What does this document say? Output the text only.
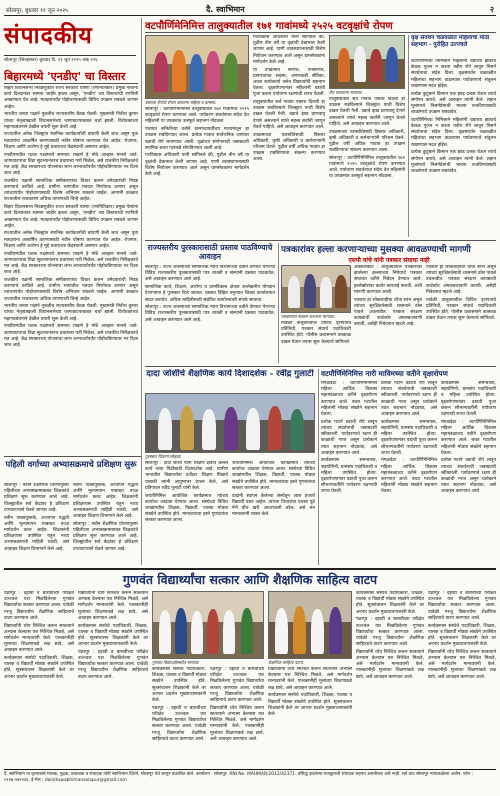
सोलापूर, बुधवार ११ जून २०२५	दै. स्वाभिमान	२
संपादकीय
सोलापूर (जिल्हास्तर) बुधवार दि. ११ जून २०२५ अंक १२६
बिहारमध्ये 'एनडीए' चा विस्तार

बिहार विधानसभा निवडणुकीत राज्य सरकारी यंत्रणा (रणनितिकार) प्रमुख नेत्यांना कार्य दिल्यानंतर सामना जाहीर झाला असून, 'एनडीए' च्या विस्ताराची रणनिती आखण्यात येत आहे. मतदारांपर्यंत पोहोचण्यासाठी विविध उपक्रम राबवले जाणार आहेत.

भारतीय जनता पक्षाने नुकतीच राज्यस्तरीय बैठक घेतली. मुख्यमंत्री नितीश कुमार यांच्या नेतृत्वाखाली विधानसभेच्या जागावाटपाबाबत चर्चा झाली. विरोधकांच्या महागठबंधनाने देखील तयारी सुरू केली आहे.

राज्यातील अनेक जिल्ह्यांत स्थानिक कार्यकर्त्यांची बांधणी केली जात असून युवा मतदारांना आकर्षित करण्यासाठी नवीन घोषणा करण्यात येत आहेत. रोजगार, शिक्षण आणि आरोग्य हे मुद्दे प्रचाराच्या केंद्रस्थानी असणार आहेत.

एनडीएमधील घटक पक्षांमध्ये समन्वय राखणे हे मोठे आव्हान मानले जाते. जागावाटपाचा तिढा सुटल्यानंतरच प्रचाराला गती मिळेल, असे राजकीय निरीक्षकांचे मत आहे. केंद्र सरकारच्या योजनांचा लाभ लाभार्थ्यांपर्यंत पोहोचविण्यावर भर दिला जात आहे.

राजकीय पक्षांनी सामाजिक समीकरणांचा विचार करून उमेदवारांची निवड करण्याचे ठरविले आहे. ग्रामीण भागातील मतदार निर्णायक ठरणार असून त्यांच्यापर्यंत पोहोचण्यासाठी विशेष अभियान राबवले जाईल. आगामी काळात राज्यातील राजकारण अधिक तापण्याची चिन्हे आहेत.

बिहार विधानसभा निवडणुकीत राज्य सरकारी यंत्रणा (रणनितिकार) प्रमुख नेत्यांना कार्य दिल्यानंतर सामना जाहीर झाला असून, 'एनडीए' च्या विस्ताराची रणनिती आखण्यात येत आहे. मतदारांपर्यंत पोहोचण्यासाठी विविध उपक्रम राबवले जाणार आहेत.

राज्यातील अनेक जिल्ह्यांत स्थानिक कार्यकर्त्यांची बांधणी केली जात असून युवा मतदारांना आकर्षित करण्यासाठी नवीन घोषणा करण्यात येत आहेत. रोजगार, शिक्षण आणि आरोग्य हे मुद्दे प्रचाराच्या केंद्रस्थानी असणार आहेत.

एनडीएमधील घटक पक्षांमध्ये समन्वय राखणे हे मोठे आव्हान मानले जाते. जागावाटपाचा तिढा सुटल्यानंतरच प्रचाराला गती मिळेल, असे राजकीय निरीक्षकांचे मत आहे. केंद्र सरकारच्या योजनांचा लाभ लाभार्थ्यांपर्यंत पोहोचविण्यावर भर दिला जात आहे.

राजकीय पक्षांनी सामाजिक समीकरणांचा विचार करून उमेदवारांची निवड करण्याचे ठरविले आहे. ग्रामीण भागातील मतदार निर्णायक ठरणार असून त्यांच्यापर्यंत पोहोचण्यासाठी विशेष अभियान राबवले जाईल. आगामी काळात राज्यातील राजकारण अधिक तापण्याची चिन्हे आहेत.

भारतीय जनता पक्षाने नुकतीच राज्यस्तरीय बैठक घेतली. मुख्यमंत्री नितीश कुमार यांच्या नेतृत्वाखाली विधानसभेच्या जागावाटपाबाबत चर्चा झाली. विरोधकांच्या महागठबंधनाने देखील तयारी सुरू केली आहे.

एनडीएमधील घटक पक्षांमध्ये समन्वय राखणे हे मोठे आव्हान मानले जाते. जागावाटपाचा तिढा सुटल्यानंतरच प्रचाराला गती मिळेल, असे राजकीय निरीक्षकांचे मत आहे. केंद्र सरकारच्या योजनांचा लाभ लाभार्थ्यांपर्यंत पोहोचविण्यावर भर दिला जात आहे.

वटपौर्णिमेनिमित्त तालुक्यातील १७१ गावांमध्ये २५२५ वटवृक्षांचे रोपण
वडाच्या रोपांचे रोपण करताना महिला व ग्रामस्थ.

सोलापूर : वटपौर्णिमेनिमित्त तालुक्यातील १७१ गावांमध्ये २५२५ वटवृक्षांचे रोपण करण्यात आले. पर्यावरण संवर्धनाचा संदेश देत महिलांनी या उपक्रमात उत्स्फूर्त सहभाग नोंदवला.

पंचायत समितीच्या वतीने ग्रामपंचायतींच्या माध्यमातून हा उपक्रम राबविण्यात आला. प्रत्येक गावात सार्वजनिक जागांवर वडाची रोपे लावण्यात आली. वृक्षांच्या संगोपनाची जबाबदारी स्थानिक बचत गटांकडे सोपविण्यात आली आहे.

गटविकास अधिकारी यांनी सांगितले की, पुढील तीन वर्षे या वृक्षांची देखभाल केली जाणार आहे. पाणी व्यवस्थापनासाठी विशेष नियोजन करण्यात आले असून ग्रामसेवकांना मार्गदर्शन केले आहे.

गटविकास अधिकारी यांनी सांगितले की, पुढील तीन वर्षे या वृक्षांची देखभाल केली जाणार आहे. पाणी व्यवस्थापनासाठी विशेष नियोजन करण्यात आले असून ग्रामसेवकांना मार्गदर्शन केले आहे.

या उपक्रमात सरपंच, उपसरपंच, ग्रामपंचायत सदस्य, अंगणवाडी सेविका, आशा कार्यकर्त्या तसेच विद्यार्थ्यांनी सहभाग घेतला. वृक्षारोपणानंतर महिलांनी वडाची पूजा करून पर्यावरण रक्षणाची शपथ घेतली.

तालुक्यातील सर्व गावांत एकाच दिवशी हा उपक्रम राबविल्याने जिल्ह्यात याची विशेष दखल घेतली गेली. वडाचे झाड प्राणवायू देणारे असल्याने त्याचे महत्त्व सर्वांनी जाणून घेतले पाहिजे, असे आवाहन करण्यात आले.

उपक्रमाच्या यशस्वीतेसाठी विस्तार अधिकारी, कृषी अधिकारी व कर्मचाऱ्यांनी परिश्रम घेतले. पुढील वर्षी अधिक गावांत हा उपक्रम राबविण्याचा संकल्प करण्यात आला.

रोप लावताना मान्यवर.

तालुक्यातील सर्व गावांत एकाच दिवशी हा उपक्रम राबविल्याने जिल्ह्यात याची विशेष दखल घेतली गेली. वडाचे झाड प्राणवायू देणारे असल्याने त्याचे महत्त्व सर्वांनी जाणून घेतले पाहिजे, असे आवाहन करण्यात आले.

उपक्रमाच्या यशस्वीतेसाठी विस्तार अधिकारी, कृषी अधिकारी व कर्मचाऱ्यांनी परिश्रम घेतले. पुढील वर्षी अधिक गावांत हा उपक्रम राबविण्याचा संकल्प करण्यात आला.

सोलापूर : वटपौर्णिमेनिमित्त तालुक्यातील १७१ गावांमध्ये २५२५ वटवृक्षांचे रोपण करण्यात आले. पर्यावरण संवर्धनाचा संदेश देत महिलांनी या उपक्रमात उत्स्फूर्त सहभाग नोंदवला.

वृक्ष संवर्धन चळवळीत महिलांचा मोठा सहभाग - पुरोहित उज्ज्वले

वटपौर्णिमेच्या निमित्ताने महिलांनी वडाच्या झाडाचे केवळ पूजन न करता नवीन रोपे लावून निसर्ग संवर्धनाचा संदेश दिला. वृक्षसंवर्धन चळवळीत महिलांचा सहभाग वाढल्यास पर्यावरणाचे संतुलन राखण्यास मदत होईल.

प्रत्येक कुटुंबाने किमान एक झाड दत्तक घेऊन त्याचे संगोपन करावे, असे आवाहन त्यांनी केले. लहान मुलांमध्ये निसर्गप्रेमाची भावना रुजविण्यासाठी शाळांमध्ये उपक्रम राबवावेत.

वटपौर्णिमेच्या निमित्ताने महिलांनी वडाच्या झाडाचे केवळ पूजन न करता नवीन रोपे लावून निसर्ग संवर्धनाचा संदेश दिला. वृक्षसंवर्धन चळवळीत महिलांचा सहभाग वाढल्यास पर्यावरणाचे संतुलन राखण्यास मदत होईल.

प्रत्येक कुटुंबाने किमान एक झाड दत्तक घेऊन त्याचे संगोपन करावे, असे आवाहन त्यांनी केले. लहान मुलांमध्ये निसर्गप्रेमाची भावना रुजविण्यासाठी शाळांमध्ये उपक्रम राबवावेत.

राज्यस्तरीय पुरस्कारासाठी प्रस्ताव पाठविण्याचे आवाहन

सोलापूर : राज्य शासनाच्या सामाजिक न्याय विभागाच्या वतीने देण्यात येणाऱ्या विविध राज्यस्तरीय पुरस्कारांसाठी पात्र व्यक्ती व संस्थांनी प्रस्ताव पाठवावेत, असे आवाहन करण्यात आले आहे.

सामाजिक कार्य, शिक्षण, आरोग्य व ग्रामविकास क्षेत्रात उल्लेखनीय योगदान देणाऱ्यांना हे पुरस्कार दिले जातात. प्रस्ताव विहित नमुन्यात जिल्हा कार्यालयात सादर करावेत. अधिक माहितीसाठी संबंधित कार्यालयाशी संपर्क साधावा.

सोलापूर : राज्य शासनाच्या सामाजिक न्याय विभागाच्या वतीने देण्यात येणाऱ्या विविध राज्यस्तरीय पुरस्कारांसाठी पात्र व्यक्ती व संस्थांनी प्रस्ताव पाठवावेत, असे आवाहन करण्यात आले आहे.

पत्रकारांवर हल्ला करणाऱ्याच्या मुसक्या आवळण्याची मागणी
एसपी यांचे यांनी पत्रकार संघाचा नाही
पत्रकारांचा सत्कार करताना मान्यवर.

अक्कलकोट : तालुक्यातील पत्रकारावर झालेल्या हल्ल्याच्या निषेधार्थ पत्रकार संघाच्या वतीने निवेदन देण्यात आले. हल्लेखोरांवर कठोर कारवाई करावी, अशी मागणी करण्यात आली.

पत्रकार हा लोकशाहीचा चौथा स्तंभ असून त्यांच्या सुरक्षिततेसाठी शासनाने ठोस पावले उचलावीत. पत्रकार संरक्षण कायद्याची काटेकोर अंमलबजावणी करावी, असेही निवेदनात म्हटले आहे.

पत्रकार हा लोकशाहीचा चौथा स्तंभ असून त्यांच्या सुरक्षिततेसाठी शासनाने ठोस पावले उचलावीत. पत्रकार संरक्षण कायद्याची काटेकोर अंमलबजावणी करावी, असेही निवेदनात म्हटले आहे.

यावेळी तालुक्यातील विविध वृत्तपत्रांचे प्रतिनिधी, पत्रकार संघाचे पदाधिकारी उपस्थित होते. पोलीस प्रशासनाने तात्काळ दखल घेऊन तपास सुरू केल्याचे सांगितले.

यावेळी तालुक्यातील विविध वृत्तपत्रांचे प्रतिनिधी, पत्रकार संघाचे पदाधिकारी उपस्थित होते. पोलीस प्रशासनाने तात्काळ दखल घेऊन तपास सुरू केल्याचे सांगितले.

दादा जोशींचे शैक्षणिक कार्य दिशादर्शक - रवींद्र गुलाटी
पुरस्कार वितरण सोहळा.

सोलापूर : दादा जोशी यांनी शिक्षण क्षेत्रात केलेले कार्य नव्या पिढीसाठी दिशादर्शक आहे. ग्रामीण भागातील विद्यार्थ्यांना दर्जेदार शिक्षण मिळावे यासाठी त्यांनी आयुष्यभर प्रयत्न केले, असे प्रतिपादन रवींद्र गुलाटी यांनी केले.

जयंतीनिमित्त आयोजित कार्यक्रमात त्यांच्या कार्याचा आढावा घेण्यात आला. संस्थेच्या विविध शाखांमधील शिक्षक, विद्यार्थी, पालक मोठ्या संख्येने उपस्थित होते. मान्यवरांच्या हस्ते गुणवंतांचा सत्कार करण्यात आला.

जयंतीनिमित्त आयोजित कार्यक्रमात त्यांच्या कार्याचा आढावा घेण्यात आला. संस्थेच्या विविध शाखांमधील शिक्षक, विद्यार्थी, पालक मोठ्या संख्येने उपस्थित होते. मान्यवरांच्या हस्ते गुणवंतांचा सत्कार करण्यात आला.

दादांनी स्थापन केलेल्या संस्थेतून आज हजारो विद्यार्थी घडत आहेत. त्यांच्या विचारांचा वारसा पुढे नेणे हीच खरी आदरांजली ठरेल, असे मत मान्यवरांनी व्यक्त केले.

वटपौर्णिमेनिमित्त नारी माविमच्या वतीने वृक्षारोपण

मंगळवेढा : वटपौर्णिमेनिमित्त महिला आर्थिक विकास महामंडळाच्या वतीने वृक्षारोपण करण्यात आले. बचत गटातील महिलांनी मोठ्या संख्येने सहभाग घेतला.

प्रत्येक गटाने वडाची रोपे लावून त्याच्या संवर्धनाची जबाबदारी स्वीकारली. पर्यावरणाचे रक्षण ही काळाची गरज असून प्रत्येकाने त्यात सहभाग नोंदवावा, असे आवाहन करण्यात आले.

कार्यक्रमास समन्वयक, सहयोगिनी, ग्रामसंघ पदाधिकारी व महिला उपस्थित होत्या. वृक्षारोपणानंतर वडाची पूजा करून सौभाग्यवतींनी पर्यावरण रक्षणाची शपथ घेतली.

प्रत्येक गटाने वडाची रोपे लावून त्याच्या संवर्धनाची जबाबदारी स्वीकारली. पर्यावरणाचे रक्षण ही काळाची गरज असून प्रत्येकाने त्यात सहभाग नोंदवावा, असे आवाहन करण्यात आले.

कार्यक्रमास समन्वयक, सहयोगिनी, ग्रामसंघ पदाधिकारी व महिला उपस्थित होत्या. वृक्षारोपणानंतर वडाची पूजा करून सौभाग्यवतींनी पर्यावरण रक्षणाची शपथ घेतली.

मंगळवेढा : वटपौर्णिमेनिमित्त महिला आर्थिक विकास महामंडळाच्या वतीने वृक्षारोपण करण्यात आले. बचत गटातील महिलांनी मोठ्या संख्येने सहभाग घेतला.

कार्यक्रमास समन्वयक, सहयोगिनी, ग्रामसंघ पदाधिकारी व महिला उपस्थित होत्या. वृक्षारोपणानंतर वडाची पूजा करून सौभाग्यवतींनी पर्यावरण रक्षणाची शपथ घेतली.

मंगळवेढा : वटपौर्णिमेनिमित्त महिला आर्थिक विकास महामंडळाच्या वतीने वृक्षारोपण करण्यात आले. बचत गटातील महिलांनी मोठ्या संख्येने सहभाग घेतला.

प्रत्येक गटाने वडाची रोपे लावून त्याच्या संवर्धनाची जबाबदारी स्वीकारली. पर्यावरणाचे रक्षण ही काळाची गरज असून प्रत्येकाने त्यात सहभाग नोंदवावा, असे आवाहन करण्यात आले.

पहिली वर्गाच्या अभ्यासक्रमाचे प्रशिक्षण सुरू

सोलापूर : नवीन शैक्षणिक धोरणानुसार पहिलीच्या अभ्यासक्रमाबाबत शिक्षकांचे प्रशिक्षण सुरू करण्यात आले आहे. जिल्ह्यातील सर्व केंद्रांवर हे प्रशिक्षण टप्प्याटप्प्याने घेतले जाणार आहे.

नवीन पाठ्यपुस्तके, अध्यापन पद्धती आणि मूल्यमापन याबाबत तज्ज्ञ मार्गदर्शन करत आहेत. शिक्षकांनी प्रशिक्षणास उपस्थित राहून नव्या अभ्यासक्रमाची माहिती घ्यावी, असे आवाहन शिक्षण विभागाने केले आहे.

नवीन पाठ्यपुस्तके, अध्यापन पद्धती आणि मूल्यमापन याबाबत तज्ज्ञ मार्गदर्शन करत आहेत. शिक्षकांनी प्रशिक्षणास उपस्थित राहून नव्या अभ्यासक्रमाची माहिती घ्यावी, असे आवाहन शिक्षण विभागाने केले आहे.

सोलापूर : नवीन शैक्षणिक धोरणानुसार पहिलीच्या अभ्यासक्रमाबाबत शिक्षकांचे प्रशिक्षण सुरू करण्यात आले आहे. जिल्ह्यातील सर्व केंद्रांवर हे प्रशिक्षण टप्प्याटप्प्याने घेतले जाणार आहे.

गुणवंत विद्यार्थ्यांचा सत्कार आणि शैक्षणिक साहित्य वाटप

पंढरपूर : दहावी व बारावीच्या परीक्षेत उज्ज्वल यश मिळविलेल्या गुणवंत विद्यार्थ्यांचा सत्कार करण्यात आला. यावेळी गरजू विद्यार्थ्यांना शैक्षणिक साहित्याचे वाटप करण्यात आले.

विद्यार्थ्यांनी ध्येय निश्चित करून सातत्याने अभ्यास केल्यास यश निश्चित मिळते, असे मार्गदर्शन मान्यवरांनी केले. पालकांनीही मुलांच्या शिक्षणाकडे लक्ष द्यावे, असे आवाहन करण्यात आले.

कार्यक्रमास संस्थेचे पदाधिकारी, शिक्षक, पालक व विद्यार्थी मोठ्या संख्येने उपस्थित होते. सूत्रसंचालन शिक्षकांनी केले तर आभार प्रदर्शन मुख्याध्यापकांनी केले.

विद्यार्थ्यांनी ध्येय निश्चित करून सातत्याने अभ्यास केल्यास यश निश्चित मिळते, असे मार्गदर्शन मान्यवरांनी केले. पालकांनीही मुलांच्या शिक्षणाकडे लक्ष द्यावे, असे आवाहन करण्यात आले.

कार्यक्रमास संस्थेचे पदाधिकारी, शिक्षक, पालक व विद्यार्थी मोठ्या संख्येने उपस्थित होते. सूत्रसंचालन शिक्षकांनी केले तर आभार प्रदर्शन मुख्याध्यापकांनी केले.

पंढरपूर : दहावी व बारावीच्या परीक्षेत उज्ज्वल यश मिळविलेल्या गुणवंत विद्यार्थ्यांचा सत्कार करण्यात आला. यावेळी गरजू विद्यार्थ्यांना शैक्षणिक साहित्याचे वाटप करण्यात आले.

गुणवंत विद्यार्थ्यांसमवेत मान्यवर.

कार्यक्रमास संस्थेचे पदाधिकारी, शिक्षक, पालक व विद्यार्थी मोठ्या संख्येने उपस्थित होते. सूत्रसंचालन शिक्षकांनी केले तर आभार प्रदर्शन मुख्याध्यापकांनी केले.

पंढरपूर : दहावी व बारावीच्या परीक्षेत उज्ज्वल यश मिळविलेल्या गुणवंत विद्यार्थ्यांचा सत्कार करण्यात आला. यावेळी गरजू विद्यार्थ्यांना शैक्षणिक साहित्याचे वाटप करण्यात आले.

पंढरपूर : दहावी व बारावीच्या परीक्षेत उज्ज्वल यश मिळविलेल्या गुणवंत विद्यार्थ्यांचा सत्कार करण्यात आला. यावेळी गरजू विद्यार्थ्यांना शैक्षणिक साहित्याचे वाटप करण्यात आले.

विद्यार्थ्यांनी ध्येय निश्चित करून सातत्याने अभ्यास केल्यास यश निश्चित मिळते, असे मार्गदर्शन मान्यवरांनी केले. पालकांनीही मुलांच्या शिक्षणाकडे लक्ष द्यावे, असे आवाहन करण्यात आले.

शैक्षणिक साहित्य वाटप.

विद्यार्थ्यांनी ध्येय निश्चित करून सातत्याने अभ्यास केल्यास यश निश्चित मिळते, असे मार्गदर्शन मान्यवरांनी केले. पालकांनीही मुलांच्या शिक्षणाकडे लक्ष द्यावे, असे आवाहन करण्यात आले.

कार्यक्रमास संस्थेचे पदाधिकारी, शिक्षक, पालक व विद्यार्थी मोठ्या संख्येने उपस्थित होते. सूत्रसंचालन शिक्षकांनी केले तर आभार प्रदर्शन मुख्याध्यापकांनी केले.

कार्यक्रमास संस्थेचे पदाधिकारी, शिक्षक, पालक व विद्यार्थी मोठ्या संख्येने उपस्थित होते. सूत्रसंचालन शिक्षकांनी केले तर आभार प्रदर्शन मुख्याध्यापकांनी केले.

पंढरपूर : दहावी व बारावीच्या परीक्षेत उज्ज्वल यश मिळविलेल्या गुणवंत विद्यार्थ्यांचा सत्कार करण्यात आला. यावेळी गरजू विद्यार्थ्यांना शैक्षणिक साहित्याचे वाटप करण्यात आले.

विद्यार्थ्यांनी ध्येय निश्चित करून सातत्याने अभ्यास केल्यास यश निश्चित मिळते, असे मार्गदर्शन मान्यवरांनी केले. पालकांनीही मुलांच्या शिक्षणाकडे लक्ष द्यावे, असे आवाहन करण्यात आले.

पंढरपूर : दहावी व बारावीच्या परीक्षेत उज्ज्वल यश मिळविलेल्या गुणवंत विद्यार्थ्यांचा सत्कार करण्यात आला. यावेळी गरजू विद्यार्थ्यांना शैक्षणिक साहित्याचे वाटप करण्यात आले.

कार्यक्रमास संस्थेचे पदाधिकारी, शिक्षक, पालक व विद्यार्थी मोठ्या संख्येने उपस्थित होते. सूत्रसंचालन शिक्षकांनी केले तर आभार प्रदर्शन मुख्याध्यापकांनी केले.

विद्यार्थ्यांनी ध्येय निश्चित करून सातत्याने अभ्यास केल्यास यश निश्चित मिळते, असे मार्गदर्शन मान्यवरांनी केले. पालकांनीही मुलांच्या शिक्षणाकडे लक्ष द्यावे, असे आवाहन करण्यात आले.

दै. स्वाभिमान या वृत्तपत्राचे मालक, मुद्रक, प्रकाशक व संपादक यांनी स्वाभिमान प्रिंटर्स, सोलापूर येथे छापून प्रकाशित केले. कार्यालय : सोलापूर. RNI No. MAHMAR/2012/42371. प्रसिद्ध झालेल्या मजकुराशी संपादक सहमत असतीलच असे नाही. सर्व वाद सोलापूर न्यायकक्षेच्या अधीन. फोन : ०२१७-२७२२३४, ई-मेल : dainikswabhimansolapur@gmail.com
